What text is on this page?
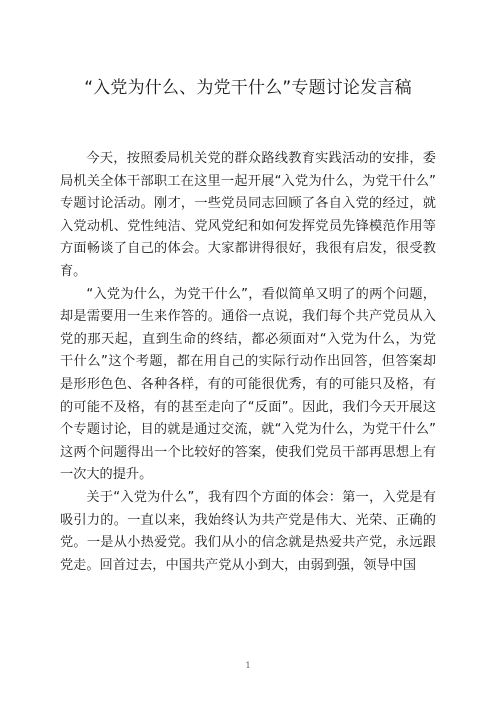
“入党为什么、为党干什么”专题讨论发言稿

今天，按照委局机关党的群众路线教育实践活动的安排，委局机关全体干部职工在这里一起开展“入党为什么，为党干什么”专题讨论活动。刚才，一些党员同志回顾了各自入党的经过，就入党动机、党性纯洁、党风党纪和如何发挥党员先锋模范作用等方面畅谈了自己的体会。大家都讲得很好，我很有启发，很受教育。

“入党为什么，为党干什么”，看似简单又明了的两个问题，却是需要用一生来作答的。通俗一点说，我们每个共产党员从入党的那天起，直到生命的终结，都必须面对“入党为什么，为党干什么”这个考题，都在用自己的实际行动作出回答，但答案却是形形色色、各种各样，有的可能很优秀，有的可能只及格，有的可能不及格，有的甚至走向了“反面”。因此，我们今天开展这个专题讨论，目的就是通过交流，就“入党为什么，为党干什么”这两个问题得出一个比较好的答案，使我们党员干部再思想上有一次大的提升。

关于“入党为什么”，我有四个方面的体会：第一，入党是有吸引力的。一直以来，我始终认为共产党是伟大、光荣、正确的党。一是从小热爱党。我们从小的信念就是热爱共产党，永远跟党走。回首过去，中国共产党从小到大，由弱到强，领导中国

1
